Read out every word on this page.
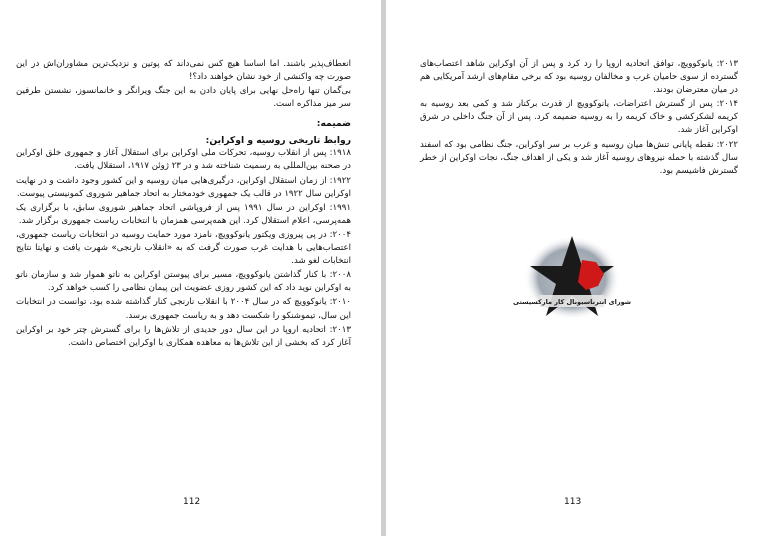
انعطاف‌پذیر باشند. اما اساسا هیچ کس نمی‌داند که پوتین و نزدیک‌ترین مشاوران‌اش در این صورت چه واکنشی از خود نشان خواهند داد؟!

بی‌گمان تنها راه‌حل نهایی برای پایان دادن به این جنگ ویرانگر و خانمانسوز، نشستن طرفین سر میز مذاکره است.

ضمیمه:
روابط تاریخی روسیه و اوکراین:

۱۹۱۸: پس از انقلاب روسیه، تحرکات ملی اوکراین برای استقلال آغاز و جمهوری خلق اوکراین در صحنه بین‌المللی به رسمیت شناخته شد و در ۲۳ ژوئن ۱۹۱۷، استقلال یافت.

۱۹۲۲: از زمان استقلال اوکراین، درگیری‌هایی میان روسیه و این کشور وجود داشت و در نهایت اوکراین سال ۱۹۲۲ در قالب یک جمهوری خودمختار به اتحاد جماهیر شوروی کمونیستی پیوست.

۱۹۹۱: اوکراین در سال ۱۹۹۱ پس از فروپاشی اتحاد جماهیر شوروی سابق، با برگزاری یک همه‌پرسی، اعلام استقلال کرد. این همه‌پرسی همزمان با انتخابات ریاست جمهوری برگزار شد.

۲۰۰۴: در پی پیروزی ویکتور یانوکوویچ، نامزد مورد حمایت روسیه در انتخابات ریاست جمهوری، اعتصاب‌هایی با هدایت غرب صورت گرفت که به «انقلاب نارنجی» شهرت یافت و نهایتا نتایج انتخابات لغو شد.

۲۰۰۸: با کنار گذاشتن یانوکوویچ، مسیر برای پیوستن اوکراین به ناتو هموار شد و سازمان ناتو به اوکراین نوید داد که این کشور روزی عضویت این پیمان نظامی را کسب خواهد کرد.

۲۰۱۰: یانوکوویچ که در سال ۲۰۰۴ با انقلاب نارنجی کنار گذاشته شده بود، توانست در انتخابات این سال، تیموشنکو را شکست دهد و به ریاست جمهوری برسد.

۲۰۱۳: اتحادیه اروپا در این سال دور جدیدی از تلاش‌ها را برای گسترش چتر خود بر اوکراین آغاز کرد که بخشی از این تلاش‌ها به معاهده همکاری با اوکراین اختصاص داشت.

112

۲۰۱۳: یانوکوویچ، توافق اتحادیه اروپا را رد کرد و پس از آن اوکراین شاهد اعتصاب‌های گسترده از سوی حامیان غرب و مخالفان روسیه بود که برخی مقام‌های ارشد آمریکایی هم در میان معترضان بودند.

۲۰۱۴: پس از گسترش اعتراضات، یانوکوویچ از قدرت برکنار شد و کمی بعد روسیه به کریمه لشکرکشی و خاک کریمه را به روسیه ضمیمه کرد. پس از آن جنگ داخلی در شرق اوکراین آغاز شد.

۲۰۲۲: نقطه پایانی تنش‌ها میان روسیه و غرب بر سر اوکراین، جنگ نظامی بود که اسفند سال گذشته با حمله نیروهای روسیه آغاز شد و یکی از اهداف جنگ، نجات اوکراین از خطر گسترش فاشیسم بود.

شورای انترناسیونال کار مارکسیستی
113
